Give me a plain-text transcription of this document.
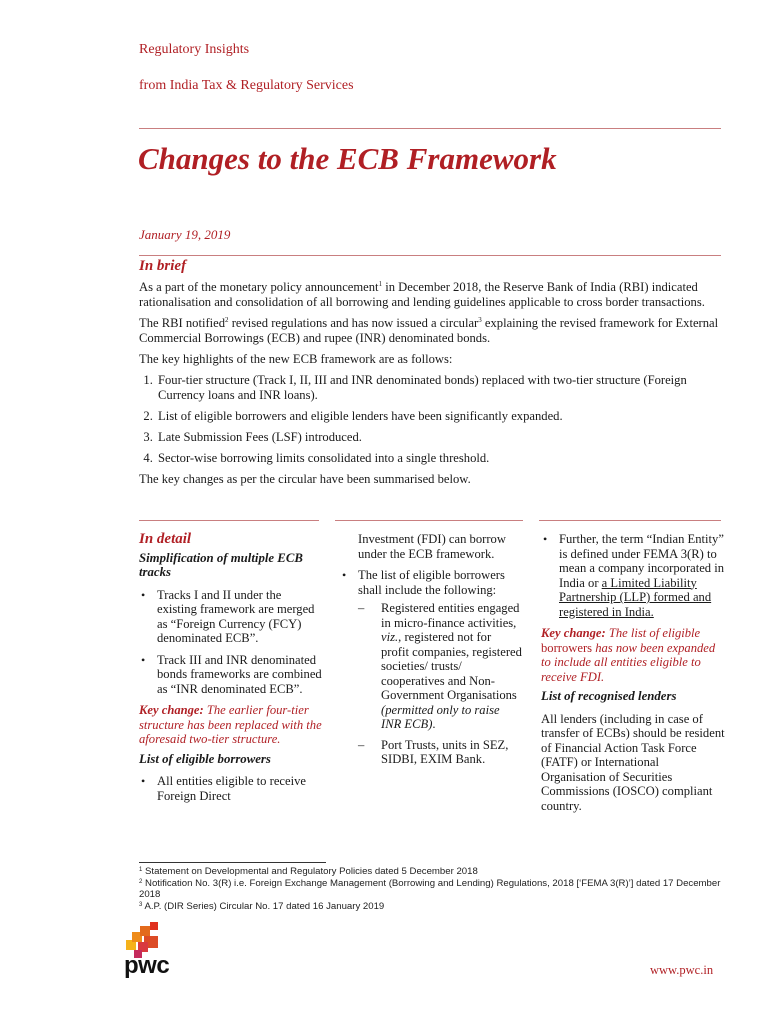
Regulatory Insights
from India Tax & Regulatory Services
Changes to the ECB Framework
January 19, 2019
In brief

As a part of the monetary policy announcement$^1$ in December 2018, the Reserve Bank of India (RBI) indicated rationalisation and consolidation of all borrowing and lending guidelines applicable to cross border transactions.

The RBI notified$^2$ revised regulations and has now issued a circular$^3$ explaining the revised framework for External Commercial Borrowings (ECB) and rupee (INR) denominated bonds.

The key highlights of the new ECB framework are as follows:

1. Four-tier structure (Track I, II, III and INR denominated bonds) replaced with two-tier structure (Foreign Currency loans and INR loans).
2. List of eligible borrowers and eligible lenders have been significantly expanded.
3. Late Submission Fees (LSF) introduced.
4. Sector-wise borrowing limits consolidated into a single threshold.

The key changes as per the circular have been summarised below.

In detail
Simplification of multiple ECB tracks
• Tracks I and II under the existing framework are merged as “Foreign Currency (FCY) denominated ECB”.
• Track III and INR denominated bonds frameworks are combined as “INR denominated ECB”.

Key change: The earlier four-tier structure has been replaced with the aforesaid two-tier structure.

List of eligible borrowers
• All entities eligible to receive Foreign Direct

Investment (FDI) can borrow under the ECB framework.

• The list of eligible borrowers shall include the following:
– Registered entities engaged in micro-finance activities, viz., registered not for profit companies, registered societies/ trusts/ cooperatives and Non-Government Organisations (permitted only to raise INR ECB).
– Port Trusts, units in SEZ, SIDBI, EXIM Bank.
• Further, the term “Indian Entity” is defined under FEMA 3(R) to mean a company incorporated in India or a Limited Liability Partnership (LLP) formed and registered in India.

Key change: The list of eligible borrowers has now been expanded to include all entities eligible to receive FDI.

List of recognised lenders

All lenders (including in case of transfer of ECBs) should be resident of Financial Action Task Force (FATF) or International Organisation of Securities Commissions (IOSCO) compliant country.

$^1$ Statement on Developmental and Regulatory Policies dated 5 December 2018
$^2$ Notification No. 3(R) i.e. Foreign Exchange Management (Borrowing and Lending) Regulations, 2018 [‘FEMA 3(R)’] dated 17 December 2018
$^3$ A.P. (DIR Series) Circular No. 17 dated 16 January 2019
pwc	www.pwc.in
